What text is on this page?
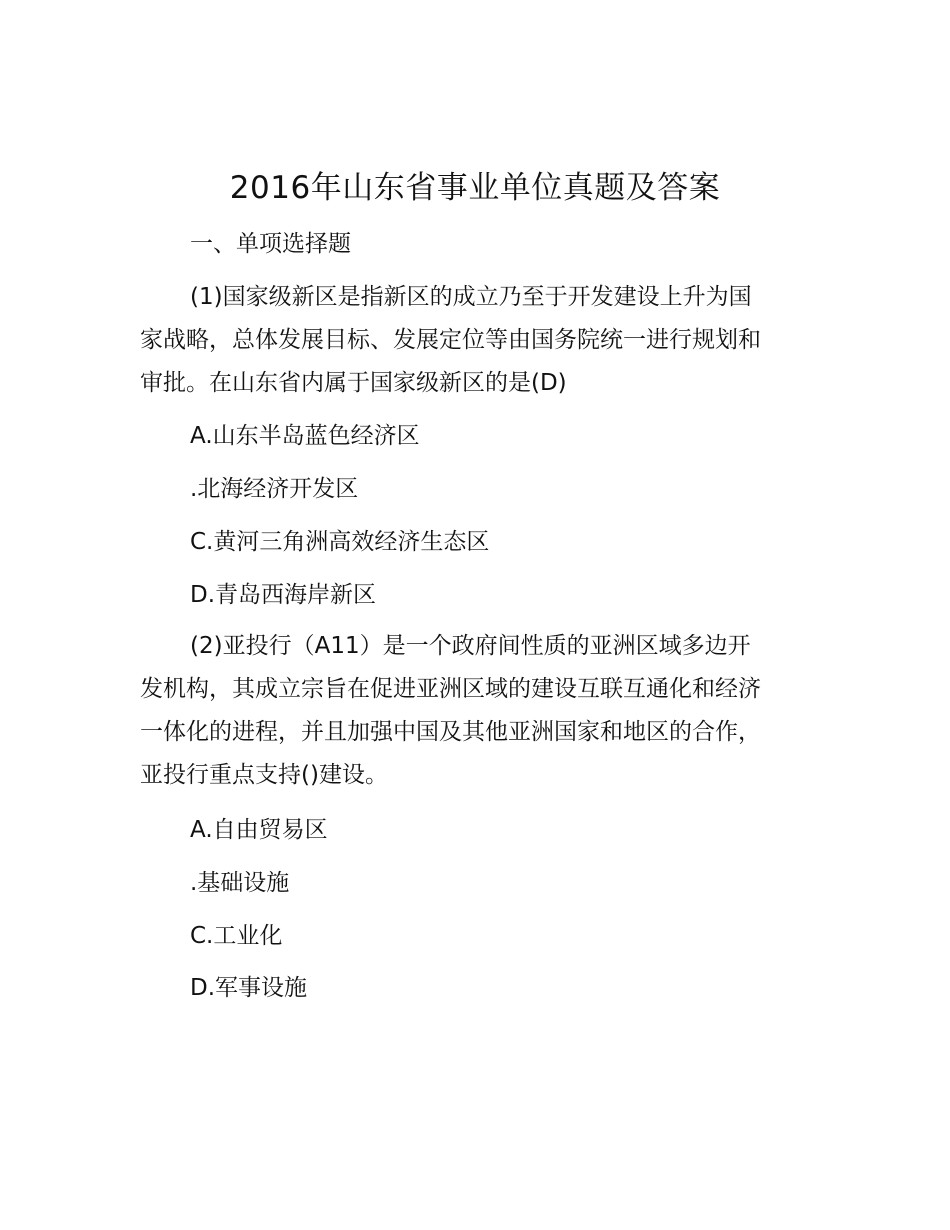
2016年山东省事业单位真题及答案
一、单项选择题
(1)国家级新区是指新区的成立乃至于开发建设上升为国
家战略，总体发展目标、发展定位等由国务院统一进行规划和
审批。在山东省内属于国家级新区的是(D)
A.山东半岛蓝色经济区
.北海经济开发区
C.黄河三角洲高效经济生态区
D.青岛西海岸新区
(2)亚投行（A11）是一个政府间性质的亚洲区域多边开
发机构，其成立宗旨在促进亚洲区域的建设互联互通化和经济
一体化的进程，并且加强中国及其他亚洲国家和地区的合作，
亚投行重点支持()建设。
A.自由贸易区
.基础设施
C.工业化
D.军事设施
